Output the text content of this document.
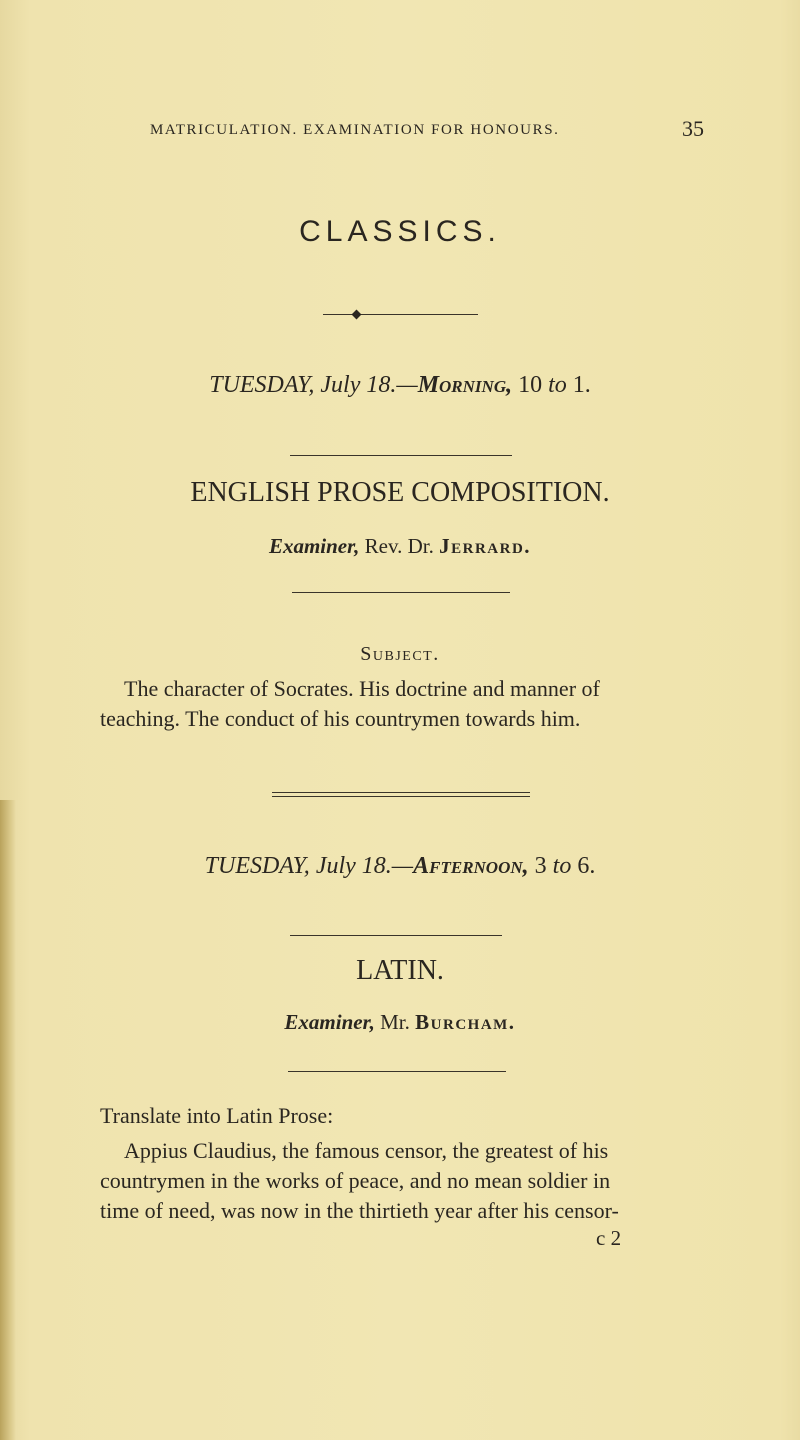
MATRICULATION. EXAMINATION FOR HONOURS.	35
CLASSICS.
TUESDAY, July 18.—Morning, 10 to 1.
ENGLISH PROSE COMPOSITION.
Examiner, Rev. Dr. Jerrard.
Subject.
The character of Socrates. His doctrine and manner of
teaching. The conduct of his countrymen towards him.
TUESDAY, July 18.—Afternoon, 3 to 6.
LATIN.
Examiner, Mr. Burcham.
Translate into Latin Prose:
Appius Claudius, the famous censor, the greatest of his
countrymen in the works of peace, and no mean soldier in
time of need, was now in the thirtieth year after his censor-
c 2
